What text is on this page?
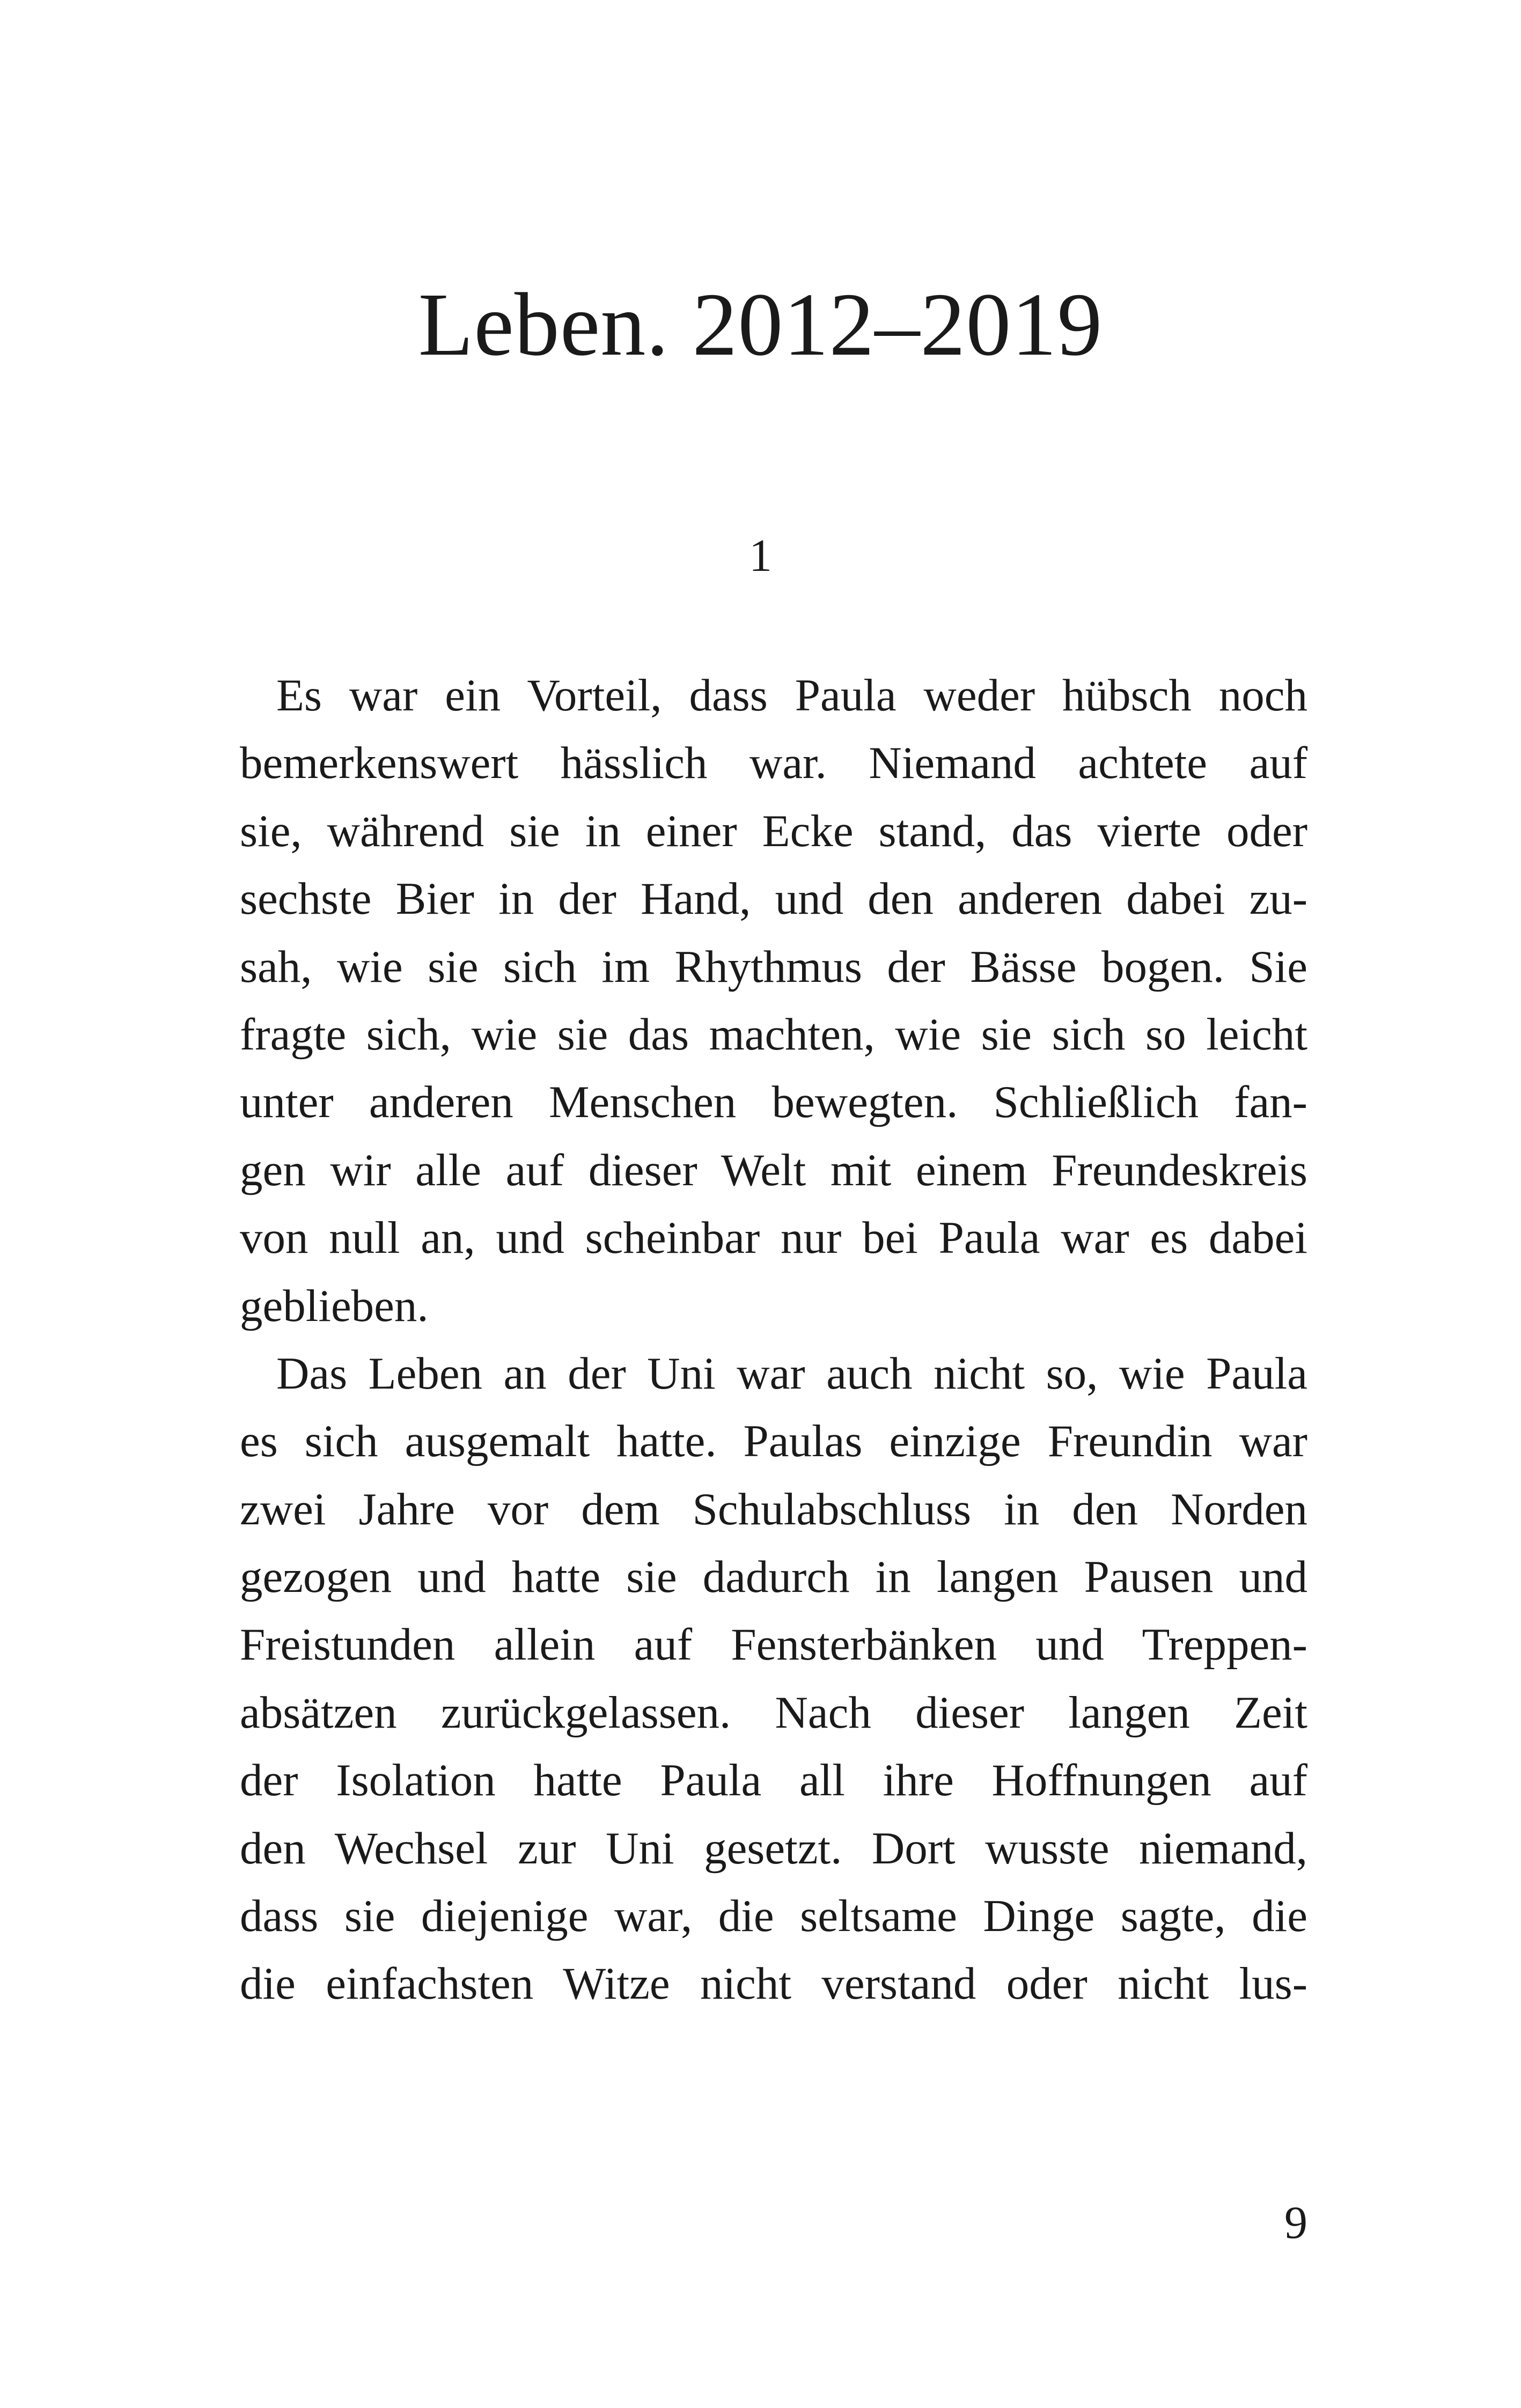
Leben. 2012–2019
1
Es war ein Vorteil, dass Paula weder hübsch noch
bemerkenswert hässlich war. Niemand achtete auf
sie, während sie in einer Ecke stand, das vierte oder
sechste Bier in der Hand, und den anderen dabei zu-
sah, wie sie sich im Rhythmus der Bässe bogen. Sie
fragte sich, wie sie das machten, wie sie sich so leicht
unter anderen Menschen bewegten. Schließlich fan-
gen wir alle auf dieser Welt mit einem Freundeskreis
von null an, und scheinbar nur bei Paula war es dabei
geblieben.
Das Leben an der Uni war auch nicht so, wie Paula
es sich ausgemalt hatte. Paulas einzige Freundin war
zwei Jahre vor dem Schulabschluss in den Norden
gezogen und hatte sie dadurch in langen Pausen und
Freistunden allein auf Fensterbänken und Treppen-
absätzen zurückgelassen. Nach dieser langen Zeit
der Isolation hatte Paula all ihre Hoffnungen auf
den Wechsel zur Uni gesetzt. Dort wusste niemand,
dass sie diejenige war, die seltsame Dinge sagte, die
die einfachsten Witze nicht verstand oder nicht lus-
9
